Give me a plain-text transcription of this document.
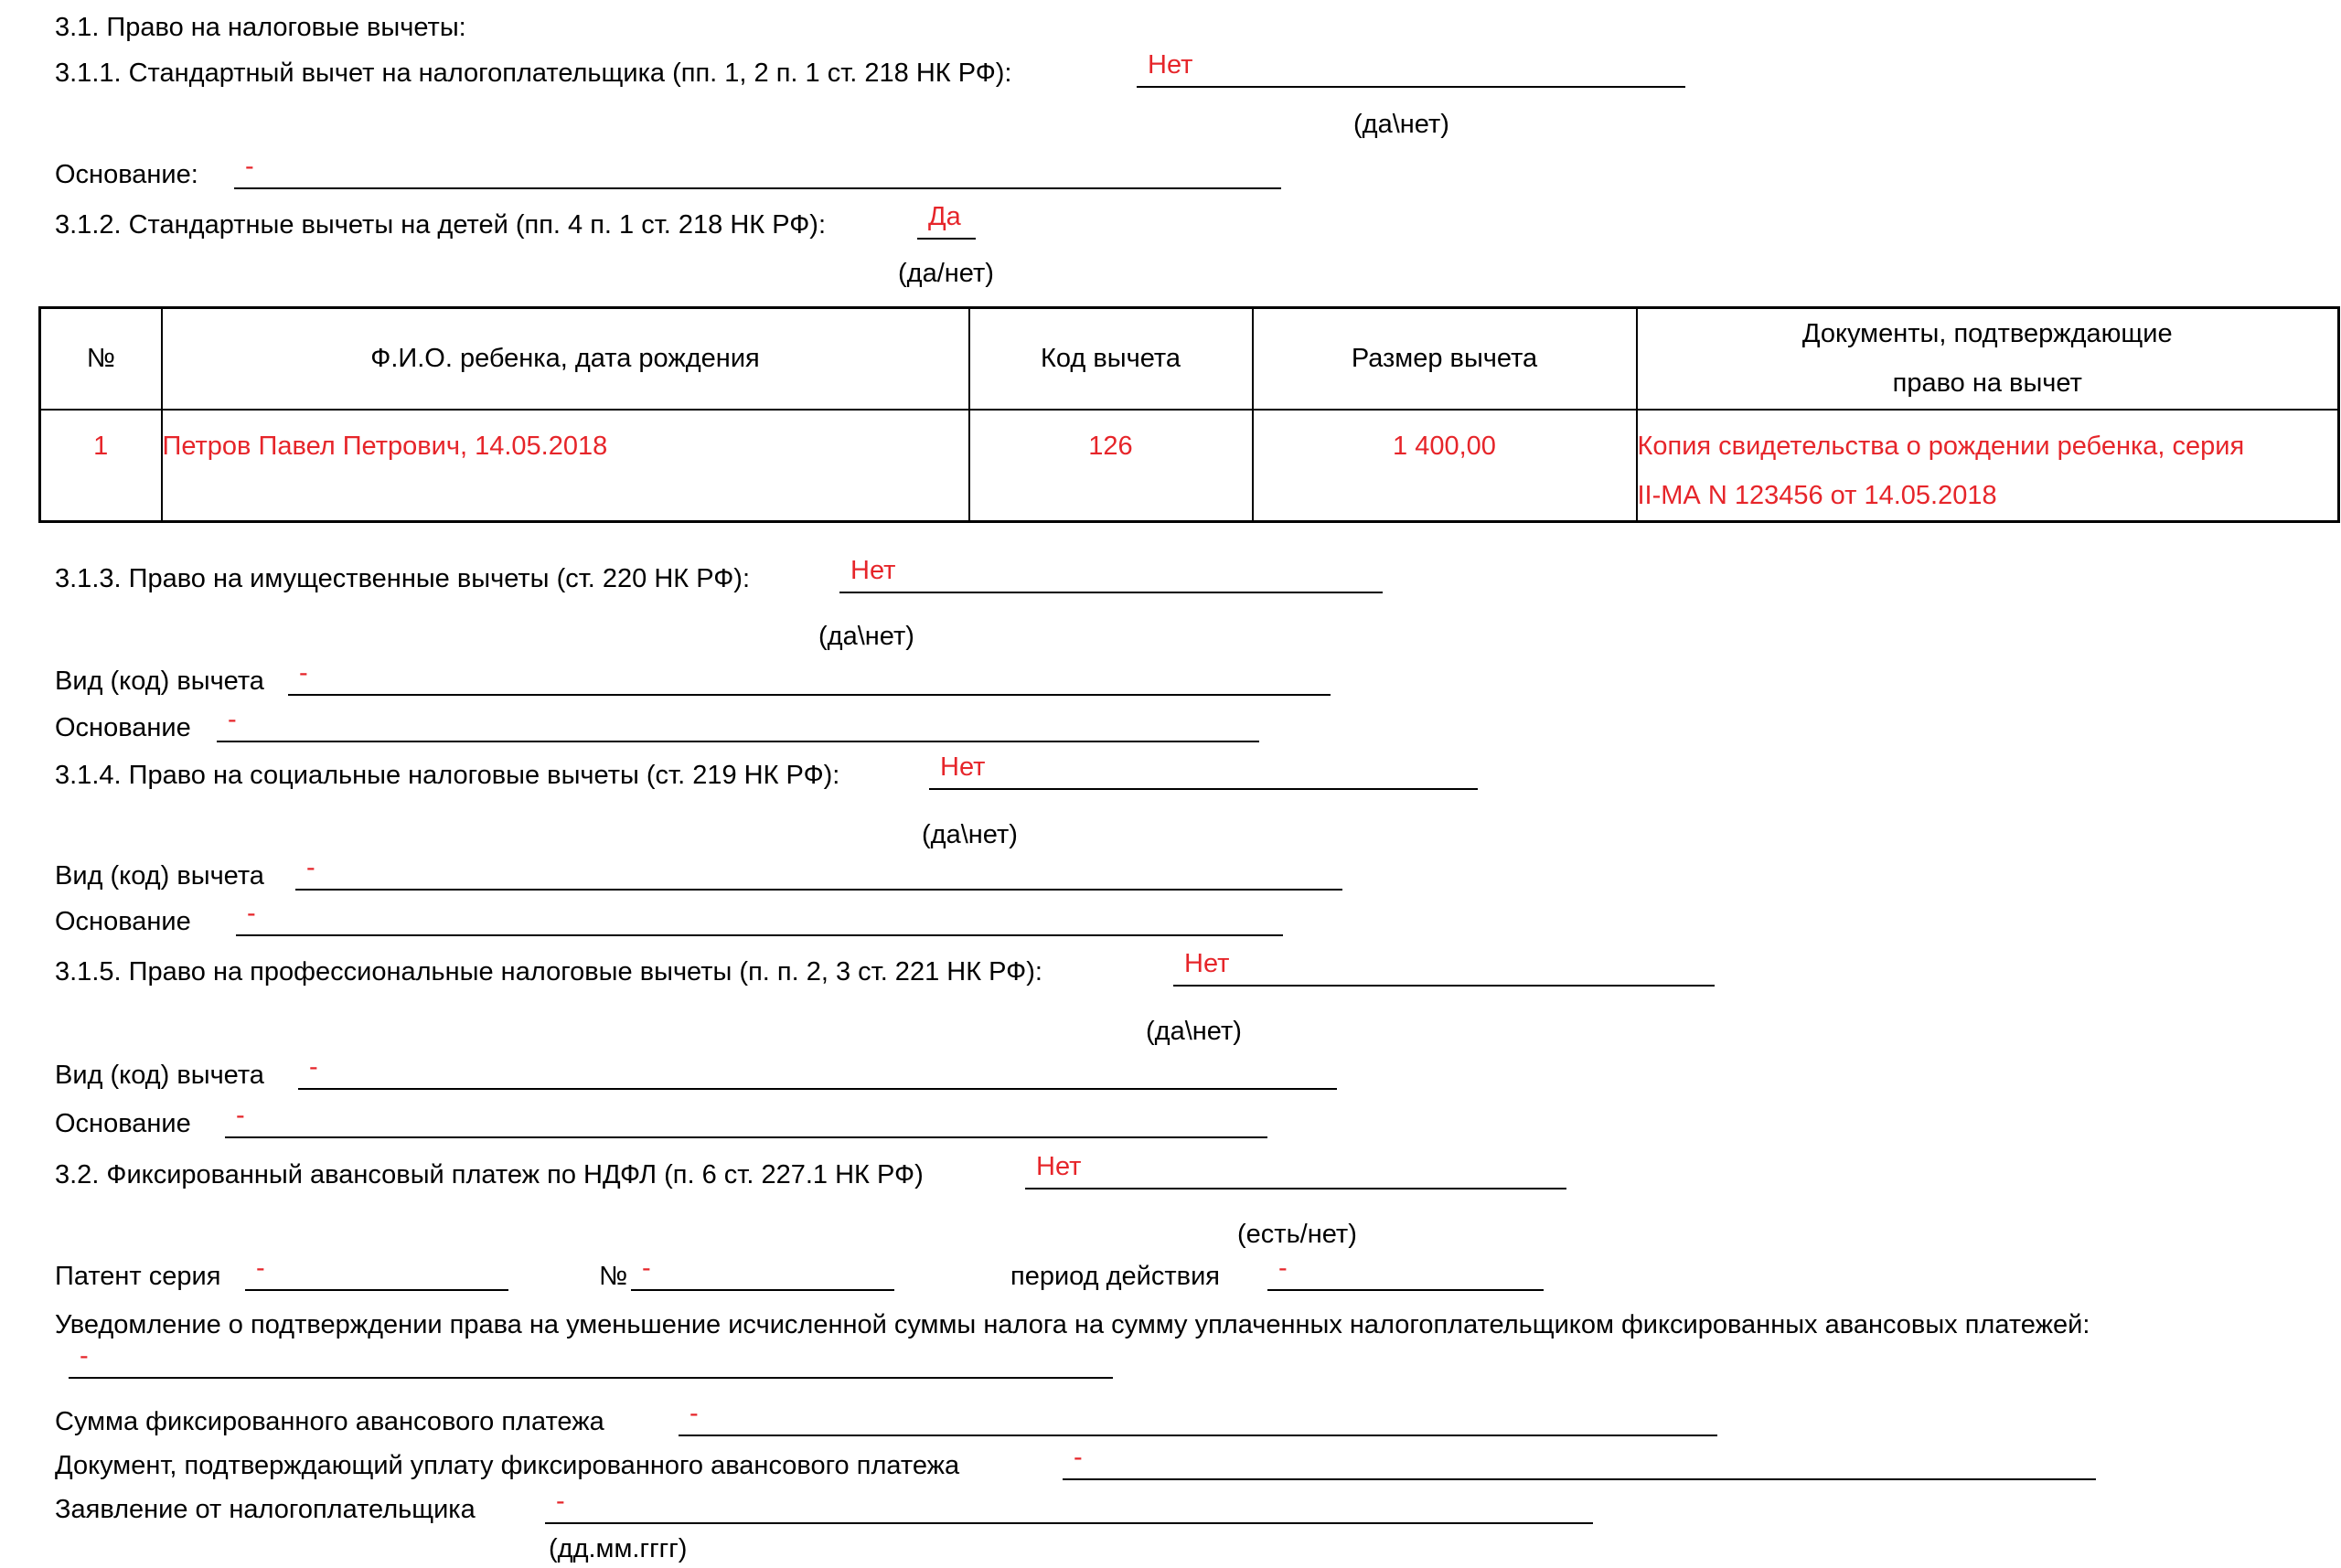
3.1. Право на налоговые вычеты:
3.1.1. Стандартный вычет на налогоплательщика (пп. 1, 2 п. 1 ст. 218 НК РФ):	Нет
(да\нет)
Основание:	-
3.1.2. Стандартные вычеты на детей (пп. 4 п. 1 ст. 218 НК РФ):	Да
(да/нет)
№	Ф.И.О. ребенка, дата рождения	Код вычета	Размер вычета	Документы, подтверждающие
право на вычет

1	Петров Павел Петрович, 14.05.2018	126	1 400,00	Копия свидетельства о рождении ребенка, серия
II-МА N 123456 от 14.05.2018
3.1.3. Право на имущественные вычеты (ст. 220 НК РФ):	Нет
(да\нет)
Вид (код) вычета	-
Основание	-
3.1.4. Право на социальные налоговые вычеты (ст. 219 НК РФ):	Нет
(да\нет)
Вид (код) вычета	-
Основание	-
3.1.5. Право на профессиональные налоговые вычеты (п. п. 2, 3 ст. 221 НК РФ):	Нет
(да\нет)
Вид (код) вычета	-
Основание	-
3.2. Фиксированный авансовый платеж по НДФЛ (п. 6 ст. 227.1 НК РФ)	Нет
(есть/нет)
Патент серия	-	№ -	период действия	-
Уведомление о подтверждении права на уменьшение исчисленной суммы налога на сумму уплаченных налогоплательщиком фиксированных авансовых платежей:
-
Сумма фиксированного авансового платежа	-
Документ, подтверждающий уплату фиксированного авансового платежа	-
Заявление от налогоплательщика	-
(дд.мм.гггг)
